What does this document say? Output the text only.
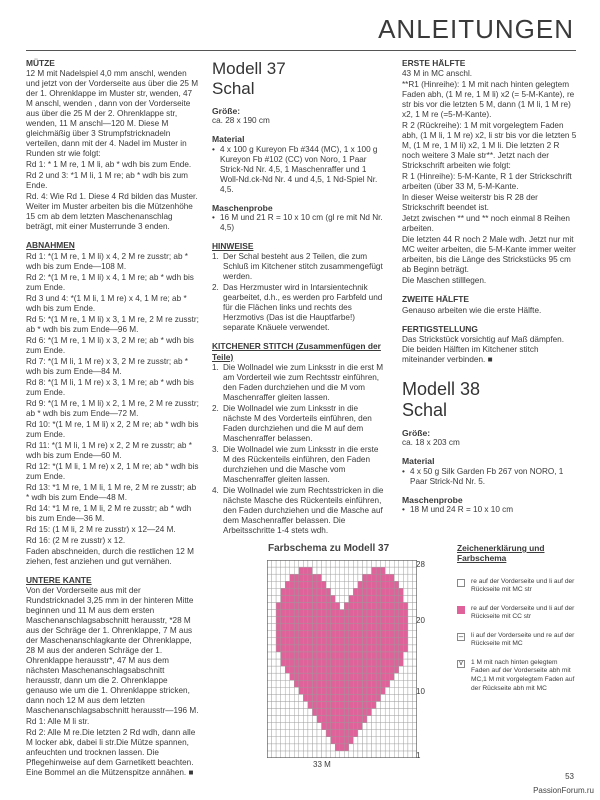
ANLEITUNGEN
MÜTZE
12 M mit Nadelspiel 4,0 mm anschl, wenden und jetzt von der Vorderseite aus über die 25 M der 1. Ohrenklappe im Muster str, wenden, 47 M anschl, wenden , dann von der Vorderseite aus über die 25 M der 2. Ohrenklappe str, wenden, 11 M anschl—120 M. Diese M gleichmäßig über 3 Strumpfstricknadeln verteilen, dann mit der 4. Nadel im Muster in Runden str wie folgt:
Rd 1: * 1 M re, 1 M li, ab * wdh bis zum Ende.
Rd 2 und 3: *1 M li, 1 M re; ab * wdh bis zum Ende.
Rd. 4: Wie Rd 1. Diese 4 Rd bilden das Muster. Weiter im Muster arbeiten bis die Mützenhöhe 15 cm ab dem letzten Maschenanschlag beträgt, mit einer Musterrunde 3 enden.
ABNAHMEN
Rd 1: *(1 M re, 1 M li) x 4, 2 M re zusstr; ab * wdh bis zum Ende—108 M.
Rd 2: *(1 M re, 1 M li) x 4, 1 M re; ab * wdh bis zum Ende.
Rd 3 und 4: *(1 M li, 1 M re) x 4, 1 M re; ab * wdh bis zum Ende.
Rd 5: *(1 M re, 1 M li) x 3, 1 M re, 2 M re zusstr; ab * wdh bis zum Ende—96 M.
Rd 6: *(1 M re, 1 M li) x 3, 2 M re; ab * wdh bis zum Ende.
Rd 7: *(1 M li, 1 M re) x 3, 2 M re zusstr; ab * wdh bis zum Ende—84 M.
Rd 8: *(1 M li, 1 M re) x 3, 1 M re; ab * wdh bis zum Ende.
Rd 9: *(1 M re, 1 M li) x 2, 1 M re, 2 M re zusstr; ab * wdh bis zum Ende—72 M.
Rd 10: *(1 M re, 1 M li) x 2, 2 M re; ab * wdh bis zum Ende.
Rd 11: *(1 M li, 1 M re) x 2, 2 M re zusstr; ab * wdh bis zum Ende—60 M.
Rd 12: *(1 M li, 1 M re) x 2, 1 M re; ab * wdh bis zum Ende.
Rd 13: *1 M re, 1 M li, 1 M re, 2 M re zusstr; ab * wdh bis zum Ende—48 M.
Rd 14: *1 M re, 1 M li, 2 M re zusstr; ab * wdh bis zum Ende—36 M.
Rd 15: (1 M li, 2 M re zusstr) x 12—24 M.
Rd 16: (2 M re zusstr) x 12.
Faden abschneiden, durch die restlichen 12 M ziehen, fest anziehen und gut vernähen.
UNTERE KANTE
Von der Vorderseite aus mit der Rundstricknadel 3,25 mm in der hinteren Mitte beginnen und 11 M aus dem ersten Maschenanschlagsabschnitt herausstr, *28 M aus der Schräge der 1. Ohrenklappe, 7 M aus der Maschenanschlagkante der Ohrenklappe, 28 M aus der anderen Schräge der 1. Ohrenklappe herausstr*, 47 M aus dem nächsten Maschenanschlagsabschnitt herausstr, dann um die 2. Ohrenklappe genauso wie um die 1. Ohrenklappe stricken, dann noch 12 M aus dem letzten Maschenanschlagsabschnitt herausstr—196 M.
Rd 1: Alle M li str.
Rd 2: Alle M re.Die letzten 2 Rd wdh, dann alle M locker abk, dabei li str.Die Mütze spannen, anfeuchten und trocknen lassen. Die Pflegehinweise auf dem Garnetikett beachten. Eine Bommel an die Mützenspitze annähen. ■
Modell 37
Schal
Größe:
ca. 28 x 190 cm
Material
• 4 x 100 g Kureyon Fb #344 (MC), 1 x 100 g Kureyon Fb #102 (CC) von Noro, 1 Paar Strick-Nd Nr. 4,5, 1 Maschenraffer und 1 Woll-Nd.ck-Nd Nr. 4 und 4,5, 1 Nd-Spiel Nr. 4,5.
Maschenprobe
• 16 M und 21 R = 10 x 10 cm (gl re mit Nd Nr. 4,5)
HINWEISE
1. Der Schal besteht aus 2 Teilen, die zum Schluß im Kitchener stitch zusammengefügt werden.
2. Das Herzmuster wird in Intarsientechnik gearbeitet, d.h., es werden pro Farbfeld und für die Flächen links und rechts des Herzmotivs (Das ist die Hauptfarbe!) separate Knäuele verwendet.
KITCHENER STITCH (Zusammenfügen der Teile)
1. Die Wollnadel wie zum Linksstr in die erst M am Vorderteil wie zum Rechtsstr einführen, den Faden durchziehen und die M vom Maschenraffer gleiten lassen.
2. Die Wollnadel wie zum Linksstr in die nächste M des Vorderteils einführen, den Faden durchziehen und die M auf dem Maschenraffer belassen.
3. Die Wollnadel wie zum Linksstr in die erste M des Rückenteils einführen, den Faden durchziehen und die Masche vom Maschenraffer gleiten lassen.
4. Die Wollnadel wie zum Rechtsstricken in die nächste Masche des Rückenteils einführen, den Faden durchziehen und die Masche auf dem Maschenraffer belassen. Die Arbeitsschritte 1-4 stets wdh.
ERSTE HÄLFTE
43 M in MC anschl.
**R1 (Hinreihe): 1 M mit nach hinten gelegtem Faden abh, (1 M re, 1 M li) x2 (= 5-M-Kante), re str bis vor die letzten 5 M, dann (1 M li, 1 M re) x2, 1 M re (=5-M-Kante).
R 2 (Rückreihe): 1 M mit vorgelegtem Faden abh, (1 M li, 1 M re) x2, li str bis vor die letzten 5 M, (1 M re, 1 M li) x2, 1 M li. Die letzten 2 R noch weitere 3 Male str**. Jetzt nach der Strickschrift arbeiten wie folgt:
R 1 (Hinreihe): 5-M-Kante, R 1 der Strickschrift arbeiten (über 33 M, 5-M-Kante.
In dieser Weise weiterstr bis R 28 der Strickschrift beendet ist.
Jetzt zwischen ** und ** noch einmal 8 Reihen arbeiten.
Die letzten 44 R noch 2 Male wdh. Jetzt nur mit MC weiter arbeiten, die 5-M-Kante immer weiter arbeiten, bis die Länge des Strickstücks 95 cm ab Beginn beträgt.
Die Maschen stilllegen.
ZWEITE HÄLFTE
Genauso arbeiten wie die erste Hälfte.
FERTIGSTELLUNG
Das Strickstück vorsichtig auf Maß dämpfen. Die beiden Hälften im Kitchener stitch miteinander verbinden. ■
Modell 38
Schal
Größe:
ca. 18 x 203 cm
Material
• 4 x 50 g Silk Garden Fb 267 von NORO, 1 Paar Strick-Nd Nr. 5.
Maschenprobe
• 18 M und 24 R = 10 x 10 cm
Farbschema zu Modell 37
33 M
28
20
10
1
Zeichenerklärung und Farbschema
re auf der Vorderseite und li auf der Rückseite mit MC str
re auf der Vorderseite und li auf der Rückseite mit CC str
– li auf der Vorderseite und re auf der Rückseite mit MC
v	1 M mit nach hinten gelegtem Faden auf der Vorderseite abh mit MC,1 M mit vorgelegtem Faden auf der Rückseite abh mit MC
53
PassionForum.ru
